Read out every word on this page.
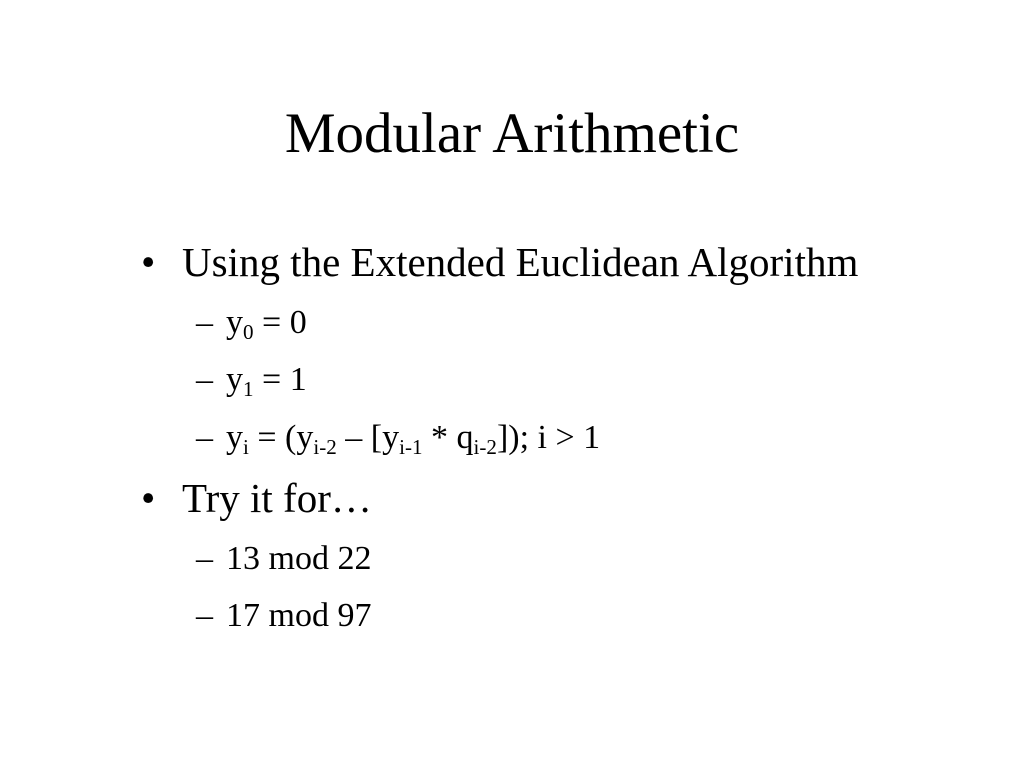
Modular Arithmetic
• Using the Extended Euclidean Algorithm
– $y_0 = 0$
– $y_1 = 1$
– $y_i = (y_{i-2} - [y_{i-1} * q_{i-2}])$; i > 1
• Try it for…
– 13 mod 22
– 17 mod 97
